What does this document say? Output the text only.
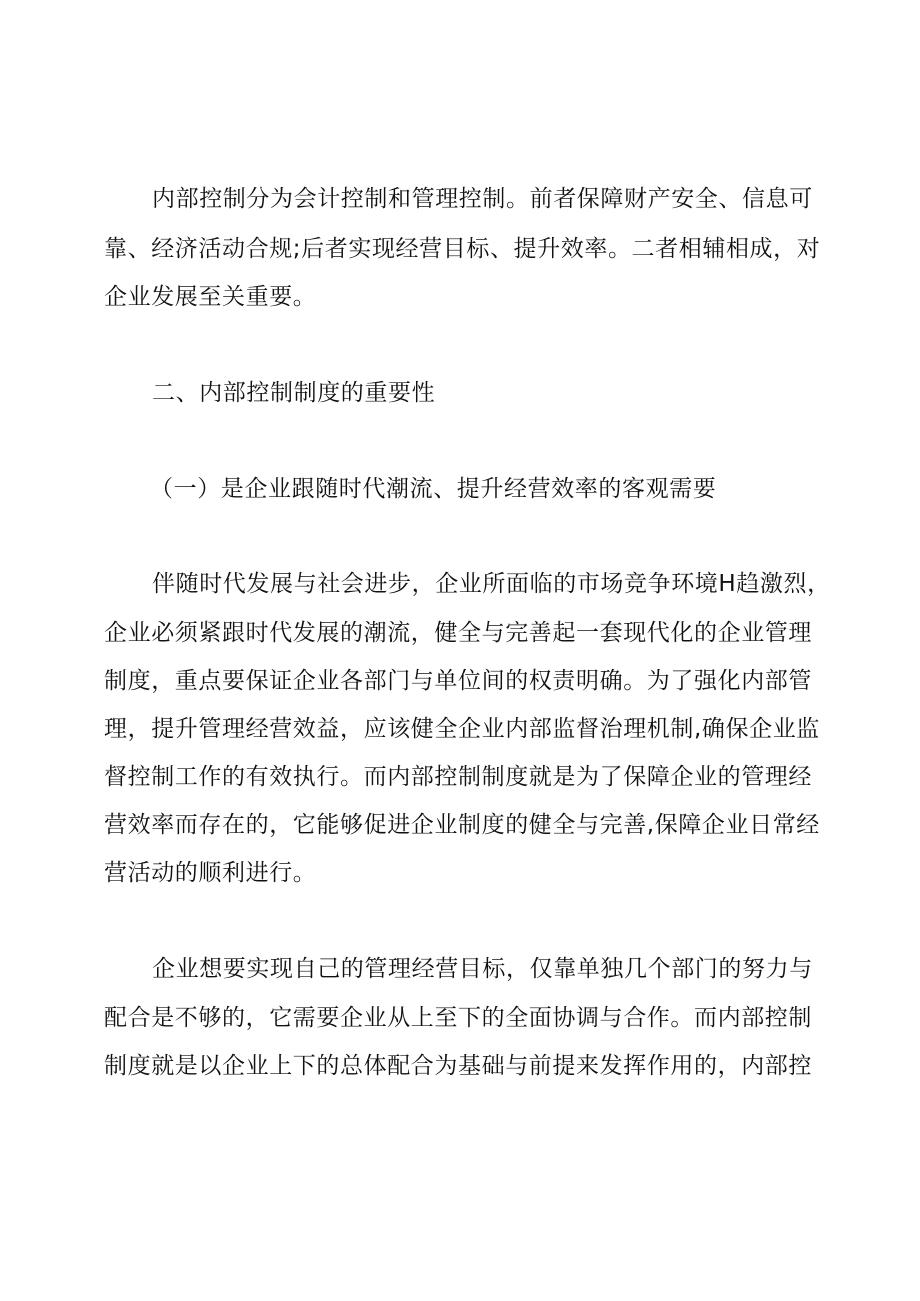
内部控制分为会计控制和管理控制。前者保障财产安全、信息可
靠、经济活动合规;后者实现经营目标、提升效率。二者相辅相成，对
企业发展至关重要。
二、内部控制制度的重要性
（一）是企业跟随时代潮流、提升经营效率的客观需要
伴随时代发展与社会进步，企业所面临的市场竞争环境H趋激烈，
企业必须紧跟时代发展的潮流，健全与完善起一套现代化的企业管理
制度，重点要保证企业各部门与单位间的权责明确。为了强化内部管
理，提升管理经营效益，应该健全企业内部监督治理机制,确保企业监
督控制工作的有效执行。而内部控制制度就是为了保障企业的管理经
营效率而存在的，它能够促进企业制度的健全与完善,保障企业日常经
营活动的顺利进行。
企业想要实现自己的管理经营目标，仅靠单独几个部门的努力与
配合是不够的，它需要企业从上至下的全面协调与合作。而内部控制
制度就是以企业上下的总体配合为基础与前提来发挥作用的，内部控
